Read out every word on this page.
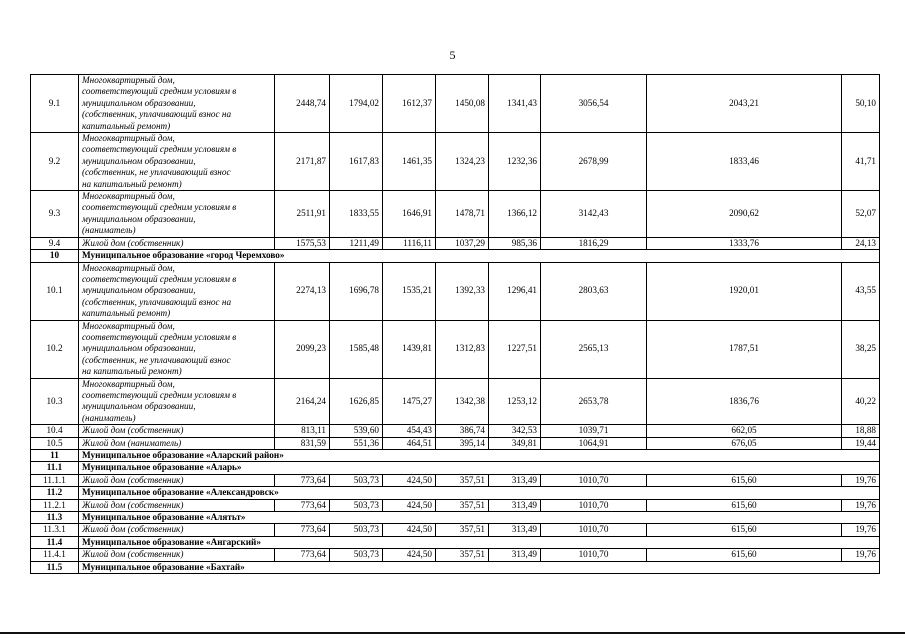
5
9.1	Многоквартирный дом,
соответствующий средним условиям в
муниципальном образовании,
(собственник, уплачивающий взнос на
капитальный ремонт)	2448,74	1794,02	1612,37	1450,08	1341,43	3056,54	2043,21	50,10
9.2	Многоквартирный дом,
соответствующий средним условиям в
муниципальном образовании,
(собственник, не уплачивающий взнос
на капитальный ремонт)	2171,87	1617,83	1461,35	1324,23	1232,36	2678,99	1833,46	41,71
9.3	Многоквартирный дом,
соответствующий средним условиям в
муниципальном образовании,
(наниматель)	2511,91	1833,55	1646,91	1478,71	1366,12	3142,43	2090,62	52,07
9.4	Жилой дом (собственник)	1575,53	1211,49	1116,11	1037,29	985,36	1816,29	1333,76	24,13
10	Муниципальное образование «город Черемхово»								
10.1	Многоквартирный дом,
соответствующий средним условиям в
муниципальном образовании,
(собственник, уплачивающий взнос на
капитальный ремонт)	2274,13	1696,78	1535,21	1392,33	1296,41	2803,63	1920,01	43,55
10.2	Многоквартирный дом,
соответствующий средним условиям в
муниципальном образовании,
(собственник, не уплачивающий взнос
на капитальный ремонт)	2099,23	1585,48	1439,81	1312,83	1227,51	2565,13	1787,51	38,25
10.3	Многоквартирный дом,
соответствующий средним условиям в
муниципальном образовании,
(наниматель)	2164,24	1626,85	1475,27	1342,38	1253,12	2653,78	1836,76	40,22
10.4	Жилой дом (собственник)	813,11	539,60	454,43	386,74	342,53	1039,71	662,05	18,88
10.5	Жилой дом (наниматель)	831,59	551,36	464,51	395,14	349,81	1064,91	676,05	19,44
11	Муниципальное образование «Аларский район»								
11.1	Муниципальное образование «Аларь»								
11.1.1	Жилой дом (собственник)	773,64	503,73	424,50	357,51	313,49	1010,70	615,60	19,76
11.2	Муниципальное образование «Александровск»								
11.2.1	Жилой дом (собственник)	773,64	503,73	424,50	357,51	313,49	1010,70	615,60	19,76
11.3	Муниципальное образование «Алятьт»								
11.3.1	Жилой дом (собственник)	773,64	503,73	424,50	357,51	313,49	1010,70	615,60	19,76
11.4	Муниципальное образование «Ангарский»								
11.4.1	Жилой дом (собственник)	773,64	503,73	424,50	357,51	313,49	1010,70	615,60	19,76
11.5	Муниципальное образование «Бахтай»								
